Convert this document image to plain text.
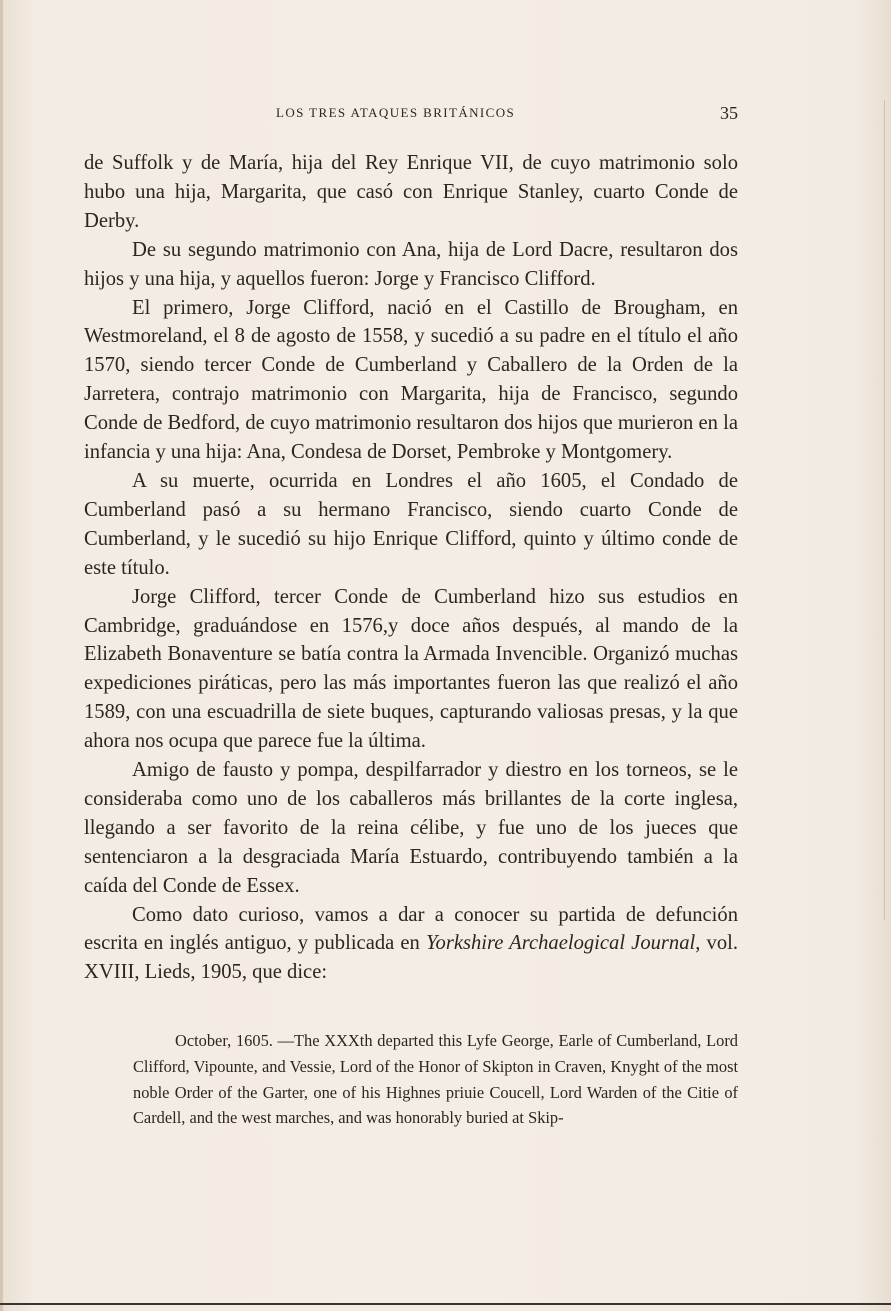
LOS TRES ATAQUES BRITÁNICOS	35

de Suffolk y de María, hija del Rey Enrique VII, de cuyo matrimonio solo hubo una hija, Margarita, que casó con Enrique Stanley, cuarto Conde de Derby.

De su segundo matrimonio con Ana, hija de Lord Dacre, resultaron dos hijos y una hija, y aquellos fueron: Jorge y Francisco Clifford.

El primero, Jorge Clifford, nació en el Castillo de Brougham, en Westmoreland, el 8 de agosto de 1558, y sucedió a su padre en el título el año 1570, siendo tercer Conde de Cumberland y Caballero de la Orden de la Jarretera, contrajo matrimonio con Margarita, hija de Francisco, segundo Conde de Bedford, de cuyo matrimonio resultaron dos hijos que murieron en la infancia y una hija: Ana, Condesa de Dorset, Pembroke y Montgomery.

A su muerte, ocurrida en Londres el año 1605, el Condado de Cumberland pasó a su hermano Francisco, siendo cuarto Conde de Cumberland, y le sucedió su hijo Enrique Clifford, quinto y último conde de este título.

Jorge Clifford, tercer Conde de Cumberland hizo sus estudios en Cambridge, graduándose en 1576,y doce años después, al mando de la Elizabeth Bonaventure se batía contra la Armada Invencible. Organizó muchas expediciones piráticas, pero las más importantes fueron las que realizó el año 1589, con una escuadrilla de siete buques, capturando valiosas presas, y la que ahora nos ocupa que parece fue la última.

Amigo de fausto y pompa, despilfarrador y diestro en los torneos, se le consideraba como uno de los caballeros más brillantes de la corte inglesa, llegando a ser favorito de la reina célibe, y fue uno de los jueces que sentenciaron a la desgraciada María Estuardo, contribuyendo también a la caída del Conde de Essex.

Como dato curioso, vamos a dar a conocer su partida de defunción escrita en inglés antiguo, y publicada en Yorkshire Archaelogical Journal, vol. XVIII, Lieds, 1905, que dice:

October, 1605. —The XXXth departed this Lyfe George, Earle of Cumberland, Lord Clifford, Vipounte, and Vessie, Lord of the Honor of Skipton in Craven, Knyght of the most noble Order of the Garter, one of his Highnes priuie Coucell, Lord Warden of the Citie of Cardell, and the west marches, and was honorably buried at Skip-
